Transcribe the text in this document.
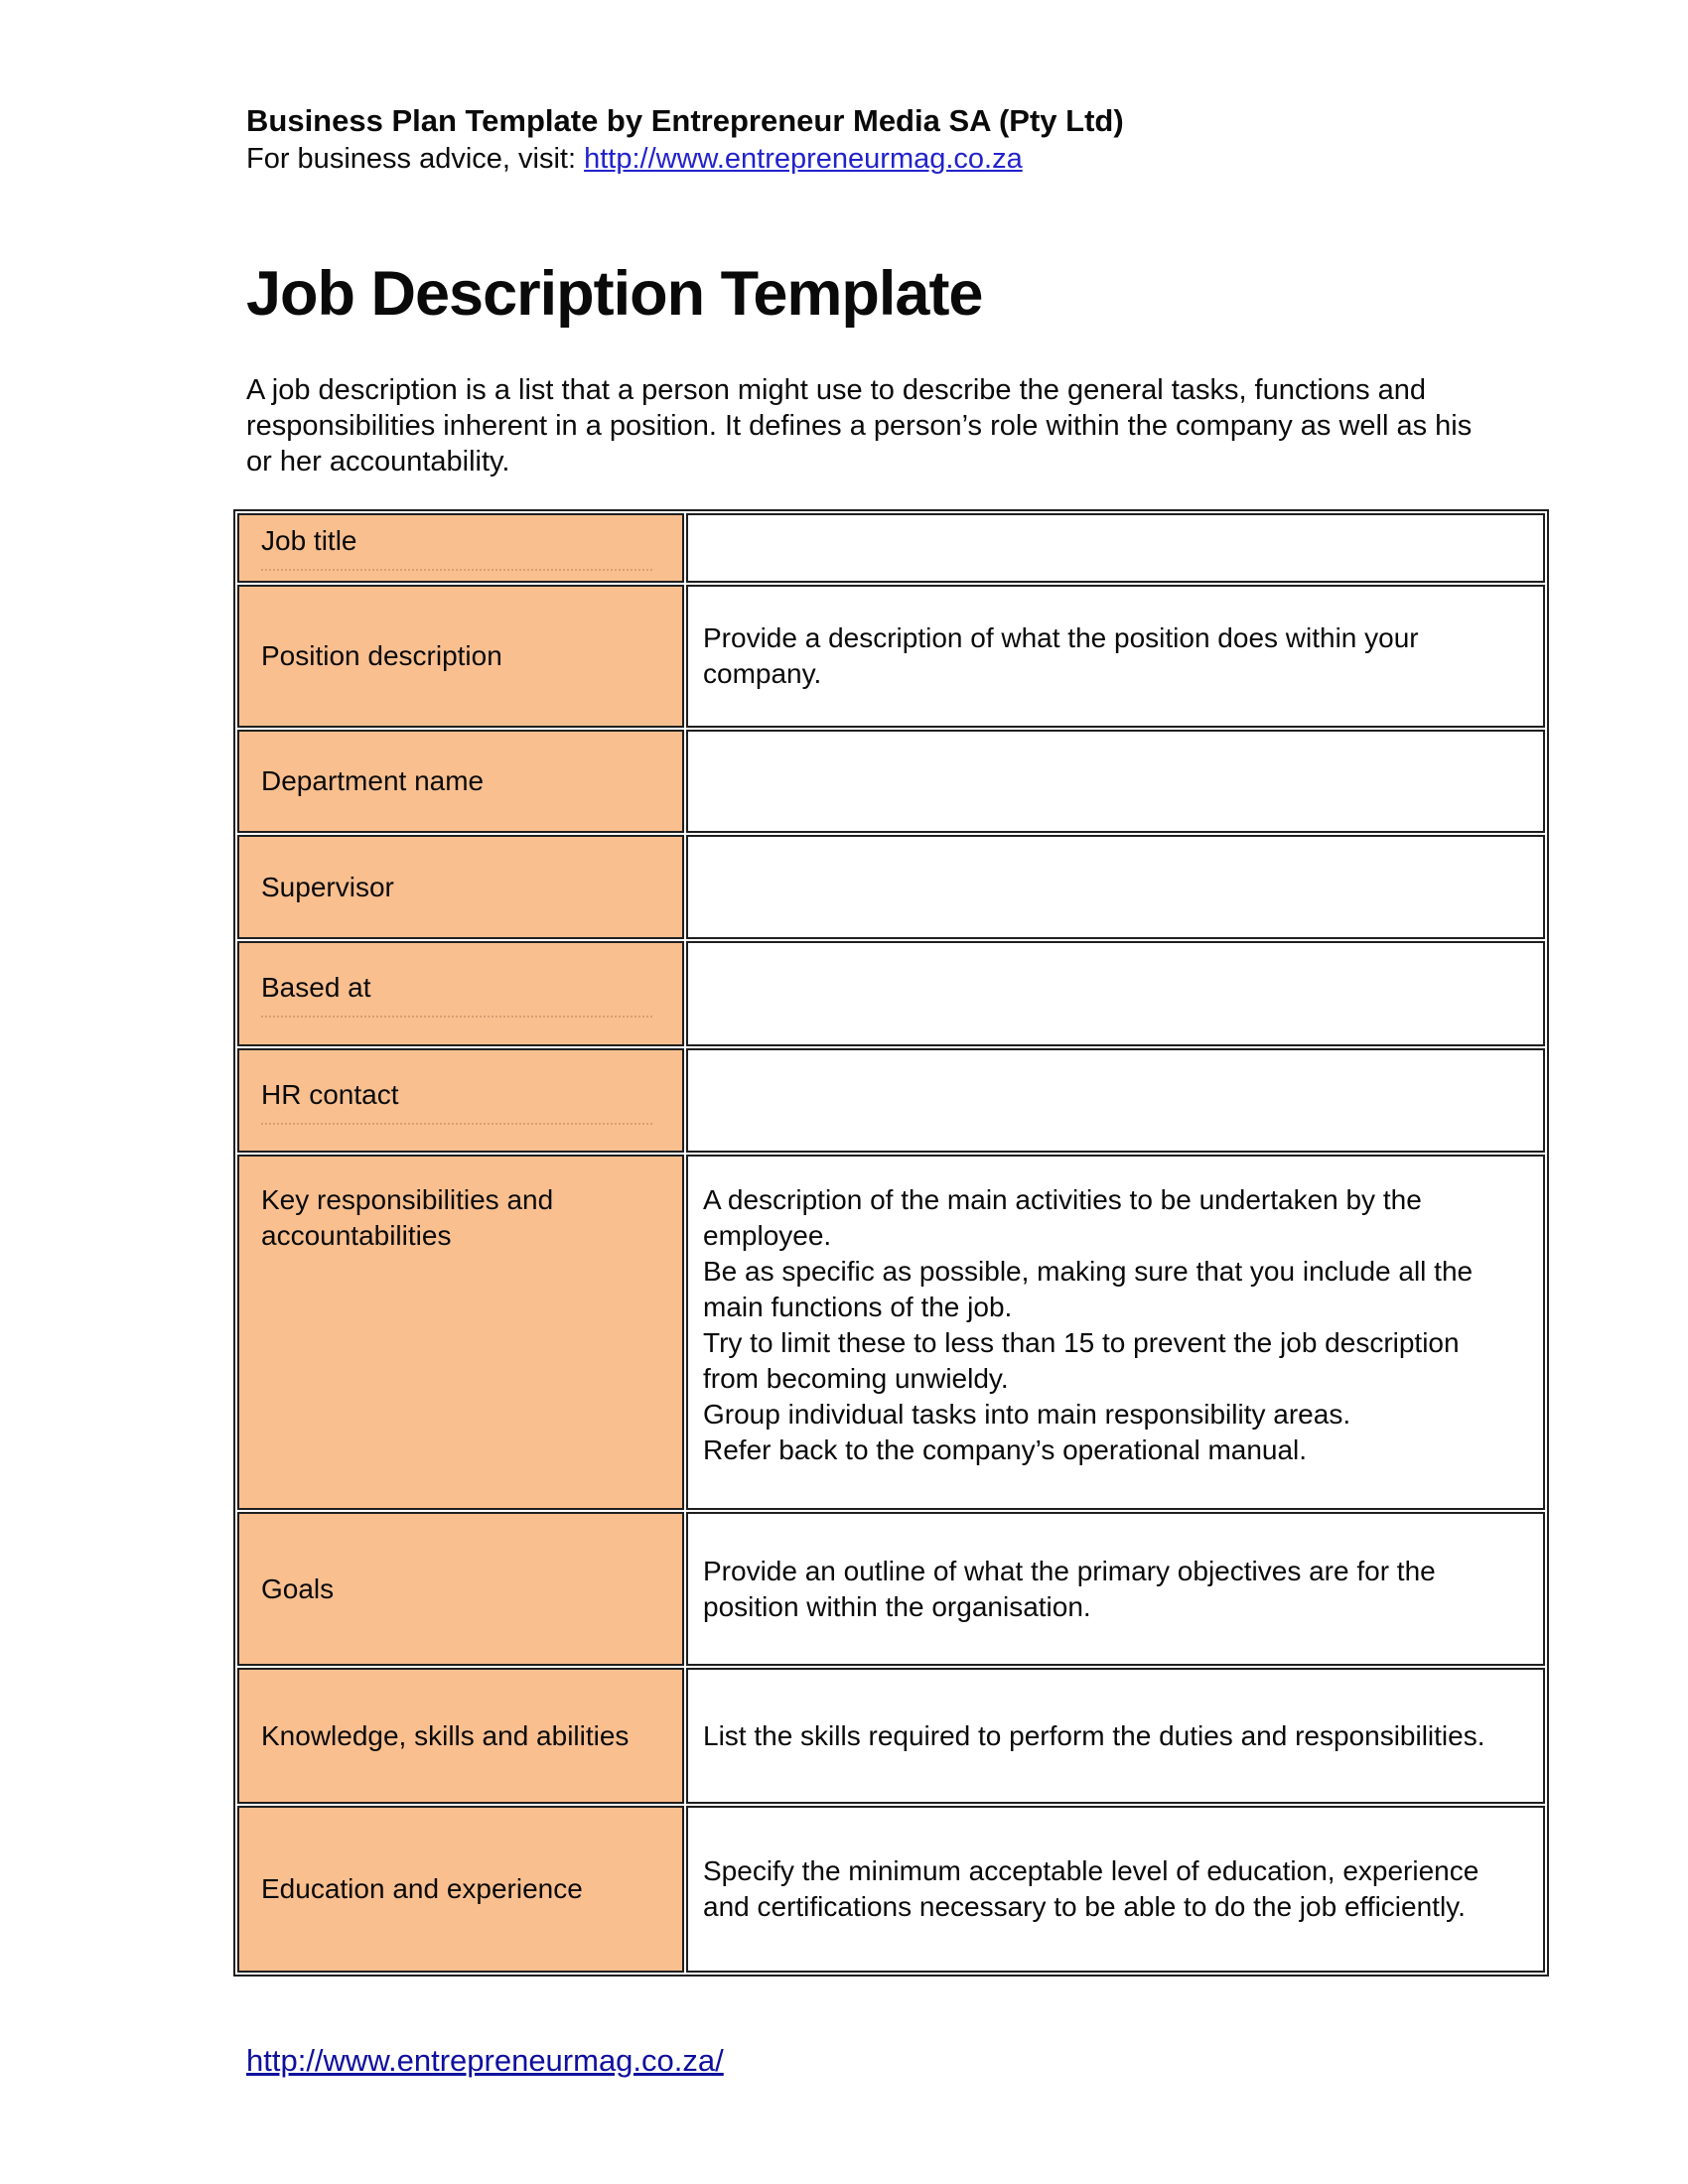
Business Plan Template by Entrepreneur Media SA (Pty Ltd)
For business advice, visit: http://www.entrepreneurmag.co.za
Job Description Template
A job description is a list that a person might use to describe the general tasks, functions and responsibilities inherent in a position. It defines a person’s role within the company as well as his or her accountability.
Job title	

Position description	Provide a description of what the position does within your company.

Department name	

Supervisor	

Based at	

HR contact	

Key responsibilities and accountabilities	A description of the main activities to be undertaken by the employee.
Be as specific as possible, making sure that you include all the main functions of the job.
Try to limit these to less than 15 to prevent the job description from becoming unwieldy.
Group individual tasks into main responsibility areas.
Refer back to the company’s operational manual.

Goals	Provide an outline of what the primary objectives are for the position within the organisation.

Knowledge, skills and abilities	List the skills required to perform the duties and responsibilities.

Education and experience	Specify the minimum acceptable level of education, experience and certifications necessary to be able to do the job efficiently.
http://www.entrepreneurmag.co.za/
